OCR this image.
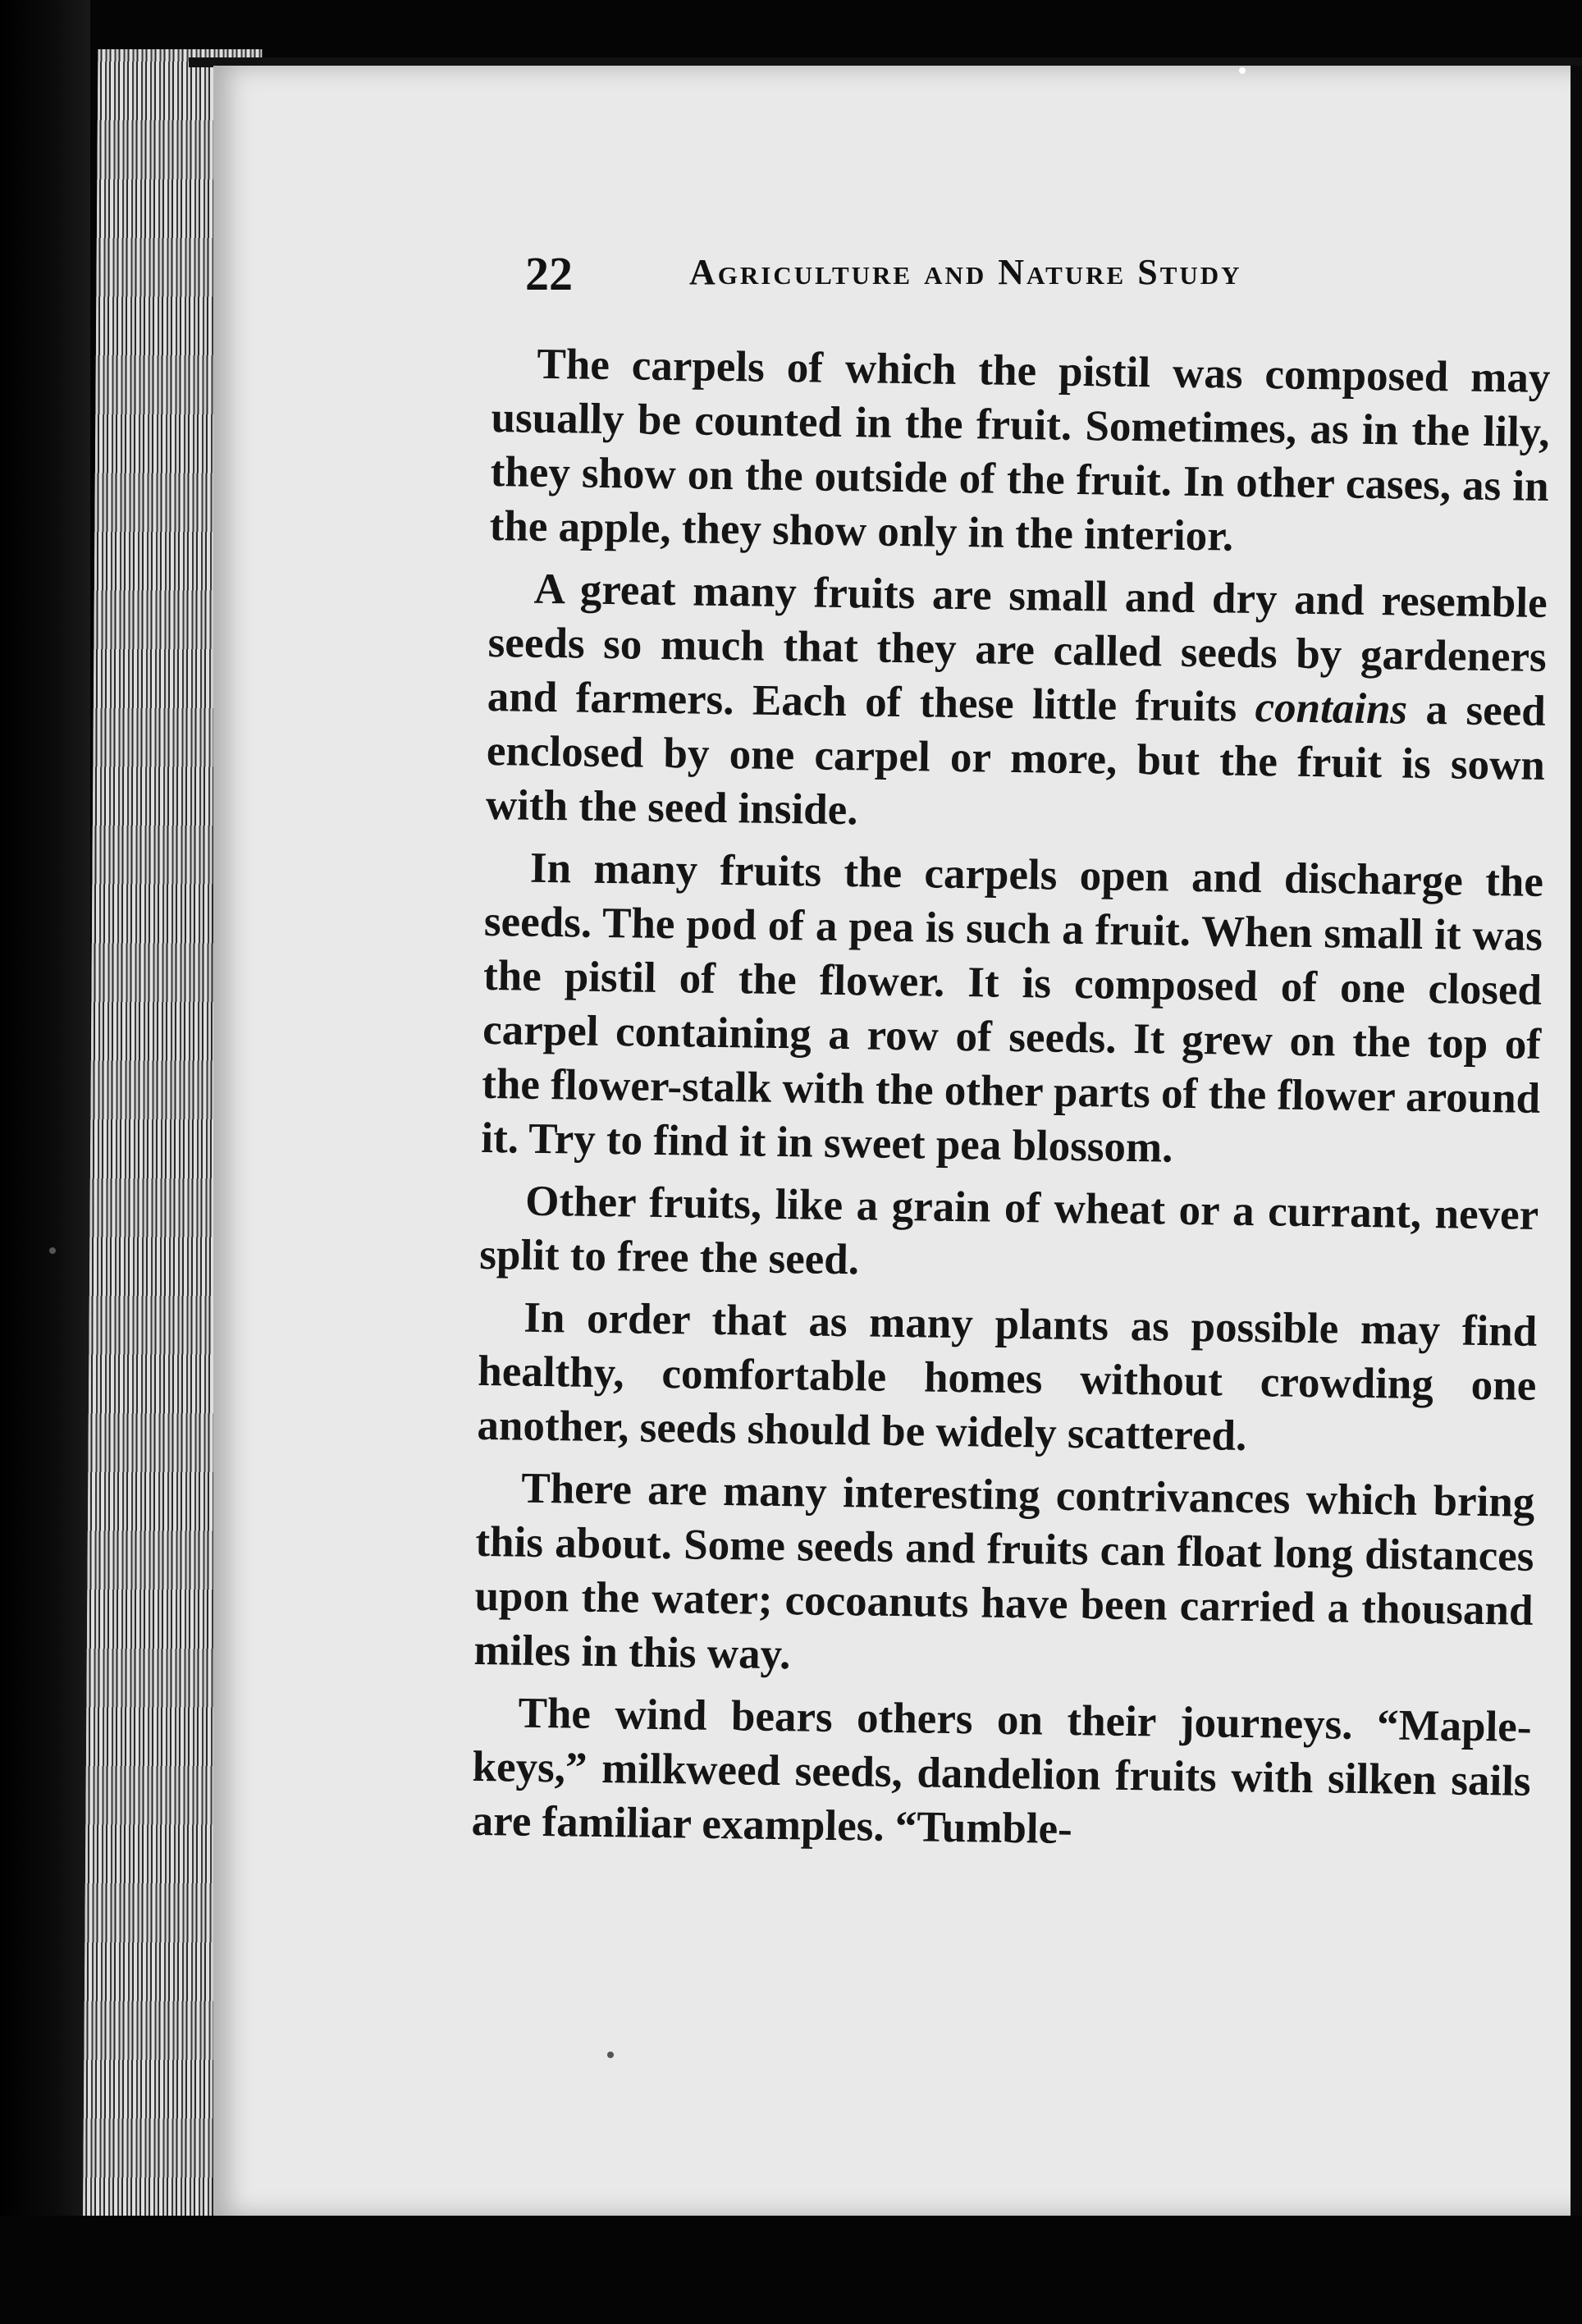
22	Agriculture and Nature Study

The carpels of which the pistil was composed may usually be counted in the fruit. Sometimes, as in the lily, they show on the outside of the fruit. In other cases, as in the apple, they show only in the interior.

A great many fruits are small and dry and resemble seeds so much that they are called seeds by gardeners and farmers. Each of these little fruits contains a seed enclosed by one carpel or more, but the fruit is sown with the seed inside.

In many fruits the carpels open and discharge the seeds. The pod of a pea is such a fruit. When small it was the pistil of the flower. It is composed of one closed carpel containing a row of seeds. It grew on the top of the flower-stalk with the other parts of the flower around it. Try to find it in sweet pea blossom.

Other fruits, like a grain of wheat or a currant, never split to free the seed.

In order that as many plants as possible may find healthy, comfortable homes without crowding one another, seeds should be widely scattered.

There are many interesting contrivances which bring this about. Some seeds and fruits can float long distances upon the water; cocoanuts have been carried a thousand miles in this way.

The wind bears others on their journeys. “Maple-keys,” milkweed seeds, dandelion fruits with silken sails are familiar examples. “Tumble-
